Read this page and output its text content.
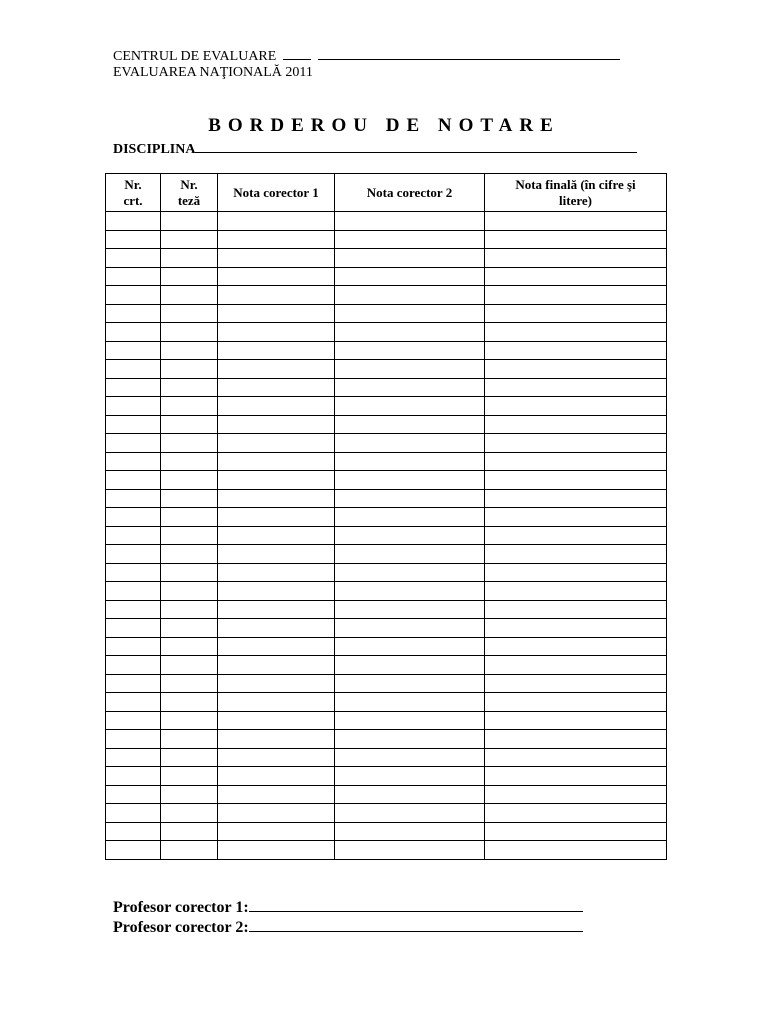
CENTRUL DE EVALUARE
EVALUAREA NAŢIONALĂ 2011
BORDEROU DE NOTARE
DISCIPLINA
Nr. crt.	Nr. teză	Nota corector 1	Nota corector 2	Nota finală (în cifre şi litere)

Profesor corector 1:
Profesor corector 2:
